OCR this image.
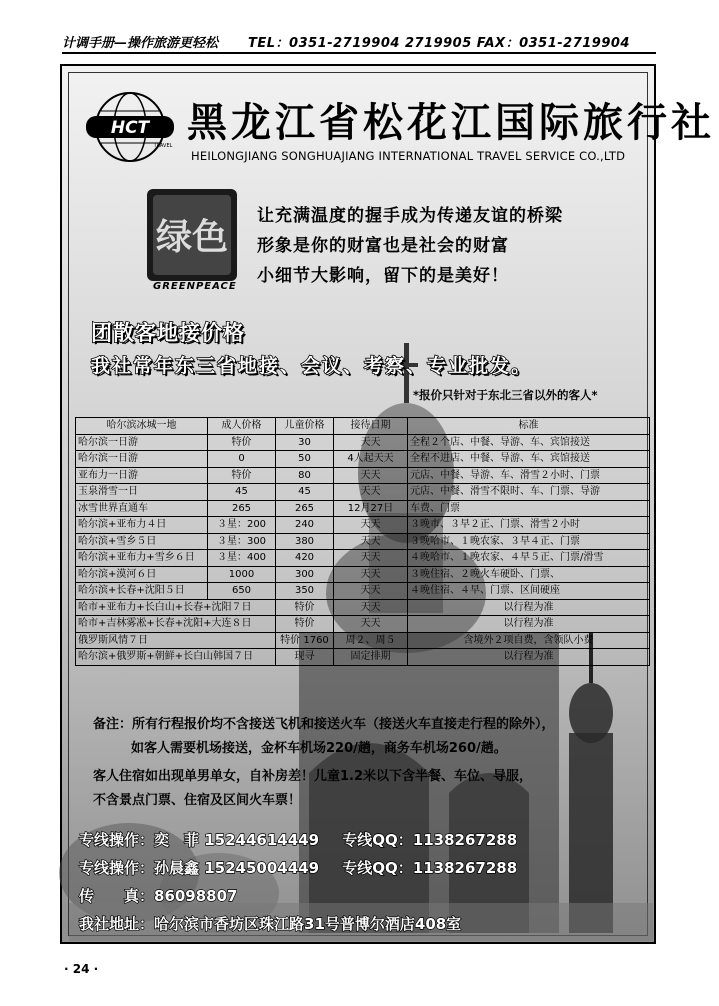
计调手册—操作旅游更轻松 TEL：0351-2719904 2719905 FAX：0351-2719904
HCT
TRAVEL 黑龙江省松花江国际旅行社
HEILONGJIANG SONGHUAJIANG INTERNATIONAL TRAVEL SERVICE CO.,LTD
绿色
GREENPEACE
让充满温度的握手成为传递友谊的桥梁
形象是你的财富也是社会的财富
小细节大影响，留下的是美好！
团散客地接价格
我社常年东三省地接、会议、考察、专业批发。
*报价只针对于东北三省以外的客人*
哈尔滨冰城一地	成人价格	儿童价格	接待日期	标准
哈尔滨一日游	特价	30	天天	全程２个店、中餐、导游、车、宾馆接送
哈尔滨一日游	0	50	4人起天天	全程不进店、中餐、导游、车、宾馆接送
亚布力一日游	特价	80	天天	元店、中餐、导游、车、滑雪２小时、门票
玉泉滑雪一日	45	45	天天	元店、中餐、滑雪不限时、车、门票、导游
冰雪世界直通车	265	265	12月27日	车费、门票
哈尔滨+亚布力４日	３星：200	240	天天	３晚市、３早２正、门票、滑雪２小时
哈尔滨+雪乡５日	３星：300	380	天天	３晚哈市、１晚农家、３早４正、门票
哈尔滨+亚布力+雪乡６日	３星：400	420	天天	４晚哈市、１晚农家、４早５正、门票/滑雪
哈尔滨+漠河６日	1000	300	天天	３晚住宿、２晚火车硬卧、门票、
哈尔滨+长春+沈阳５日	650	350	天天	４晚住宿、４早、门票、区间硬座
哈市+亚布力+长白山+长春+沈阳７日		特价	天天	以行程为准
哈市+吉林雾凇+长春+沈阳+大连８日		特价	天天	以行程为准
俄罗斯风情７日		特价 1760	周２、周５	含境外２项自费，含领队小费
哈尔滨+俄罗斯+朝鲜+长白山韩国７日		现寻	固定排期	以行程为准
备注：所有行程报价均不含接送飞机和接送火车（接送火车直接走行程的除外），
如客人需要机场接送，金杯车机场220/趟，商务车机场260/趟。
客人住宿如出现单男单女，自补房差！儿童1.2米以下含半餐、车位、导服，
不含景点门票、住宿及区间火车票！
专线操作：奕　菲 15244614449 专线QQ：1138267288
专线操作：孙晨鑫 15245004449 专线QQ：1138267288
传　　真：86098807
我社地址：哈尔滨市香坊区珠江路31号普博尔酒店408室
· 24 ·
